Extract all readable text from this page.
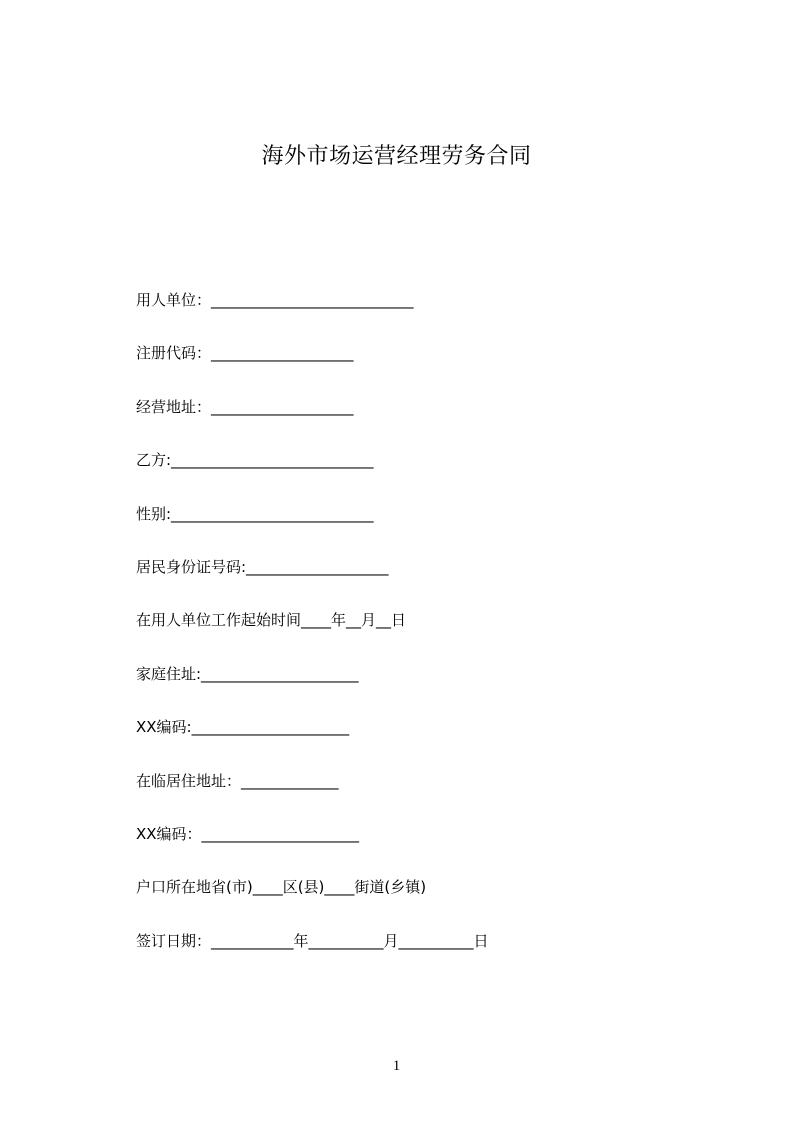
海外市场运营经理劳务合同
用人单位：___________________________
注册代码：___________________
经营地址：___________________
乙方:___________________________
性别:___________________________
居民身份证号码:___________________
在用人单位工作起始时间____年__月__日
家庭住址:_____________________
XX编码:_____________________
在临居住地址：_____________
XX编码：_____________________
户口所在地省(市)____区(县)____街道(乡镇)
签订日期：___________年__________月__________日
1
